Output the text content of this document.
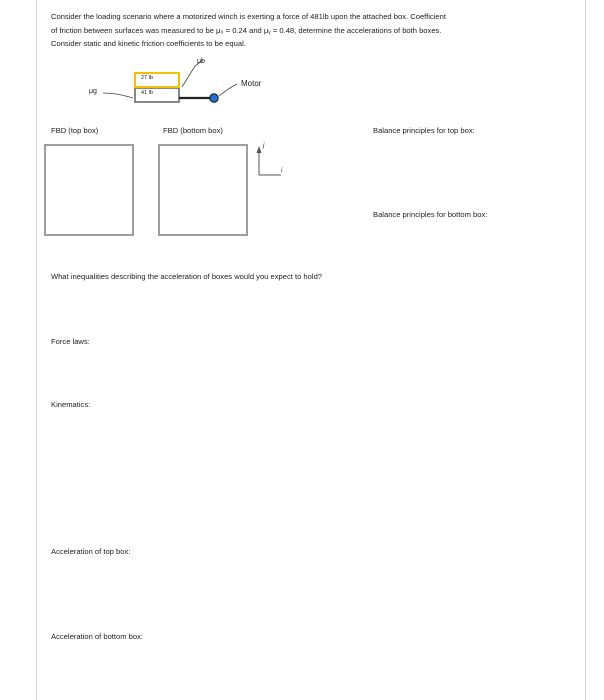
Consider the loading scenario where a motorized winch is exerting a force of 481lb upon the attached box. Coefficient
of friction between surfaces was measured to be μ₀ = 0.24 and μᵧ = 0.48, determine the accelerations of both boxes.
Consider static and kinetic friction coefficients to be equal.
j
i
μg
μb
27 lb
41 lb
Motor
FBD (top box)	FBD (bottom box)	Balance principles for top box:
Balance principles for bottom box:
What inequalities describing the acceleration of boxes would you expect to hold?
Force laws:
Kinematics:
Acceleration of top box:
Acceleration of bottom box:
